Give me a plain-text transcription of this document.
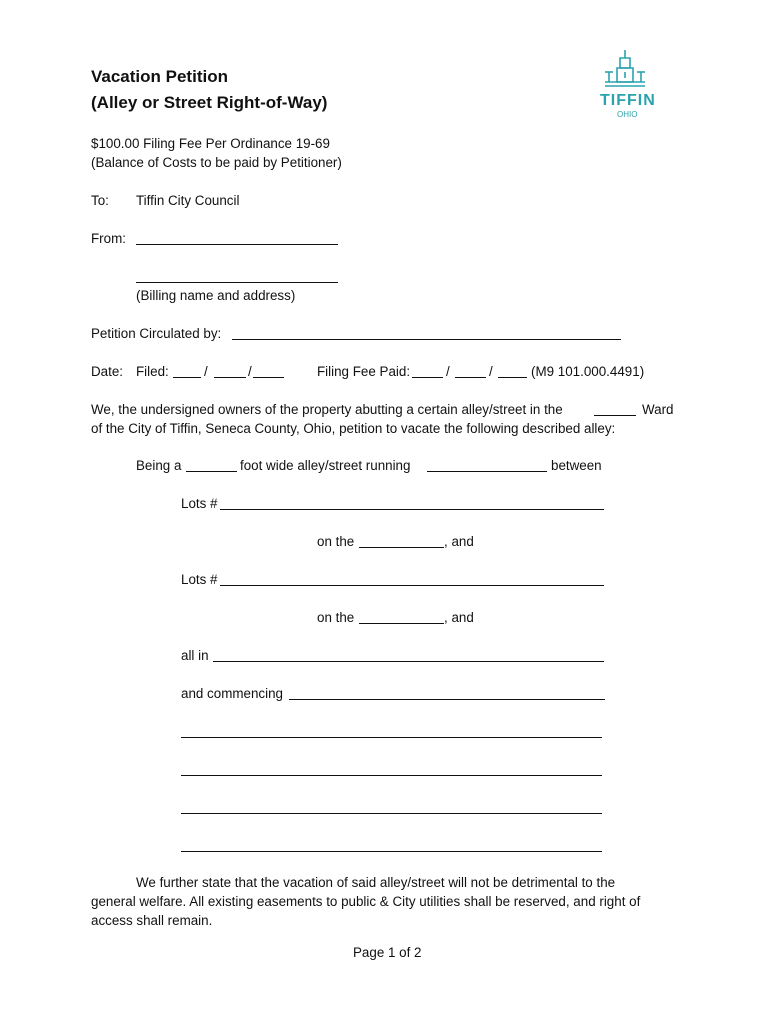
Vacation Petition
(Alley or Street Right-of-Way)	TIFFIN
OHIO
$100.00 Filing Fee Per Ordinance 19-69
(Balance of Costs to be paid by Petitioner)
To: Tiffin City Council
From:
(Billing name and address)
Petition Circulated by:
Date: Filed:	/	/	Filing Fee Paid:	/	/	(M9 101.000.4491)
We, the undersigned owners of the property abutting a certain alley/street in the	Ward
of the City of Tiffin, Seneca County, Ohio, petition to vacate the following described alley:
Being a	foot wide alley/street running	between
Lots #
on the	, and
Lots #
on the	, and
all in
and commencing
We further state that the vacation of said alley/street will not be detrimental to the
general welfare. All existing easements to public & City utilities shall be reserved, and right of
access shall remain.
Page 1 of 2
